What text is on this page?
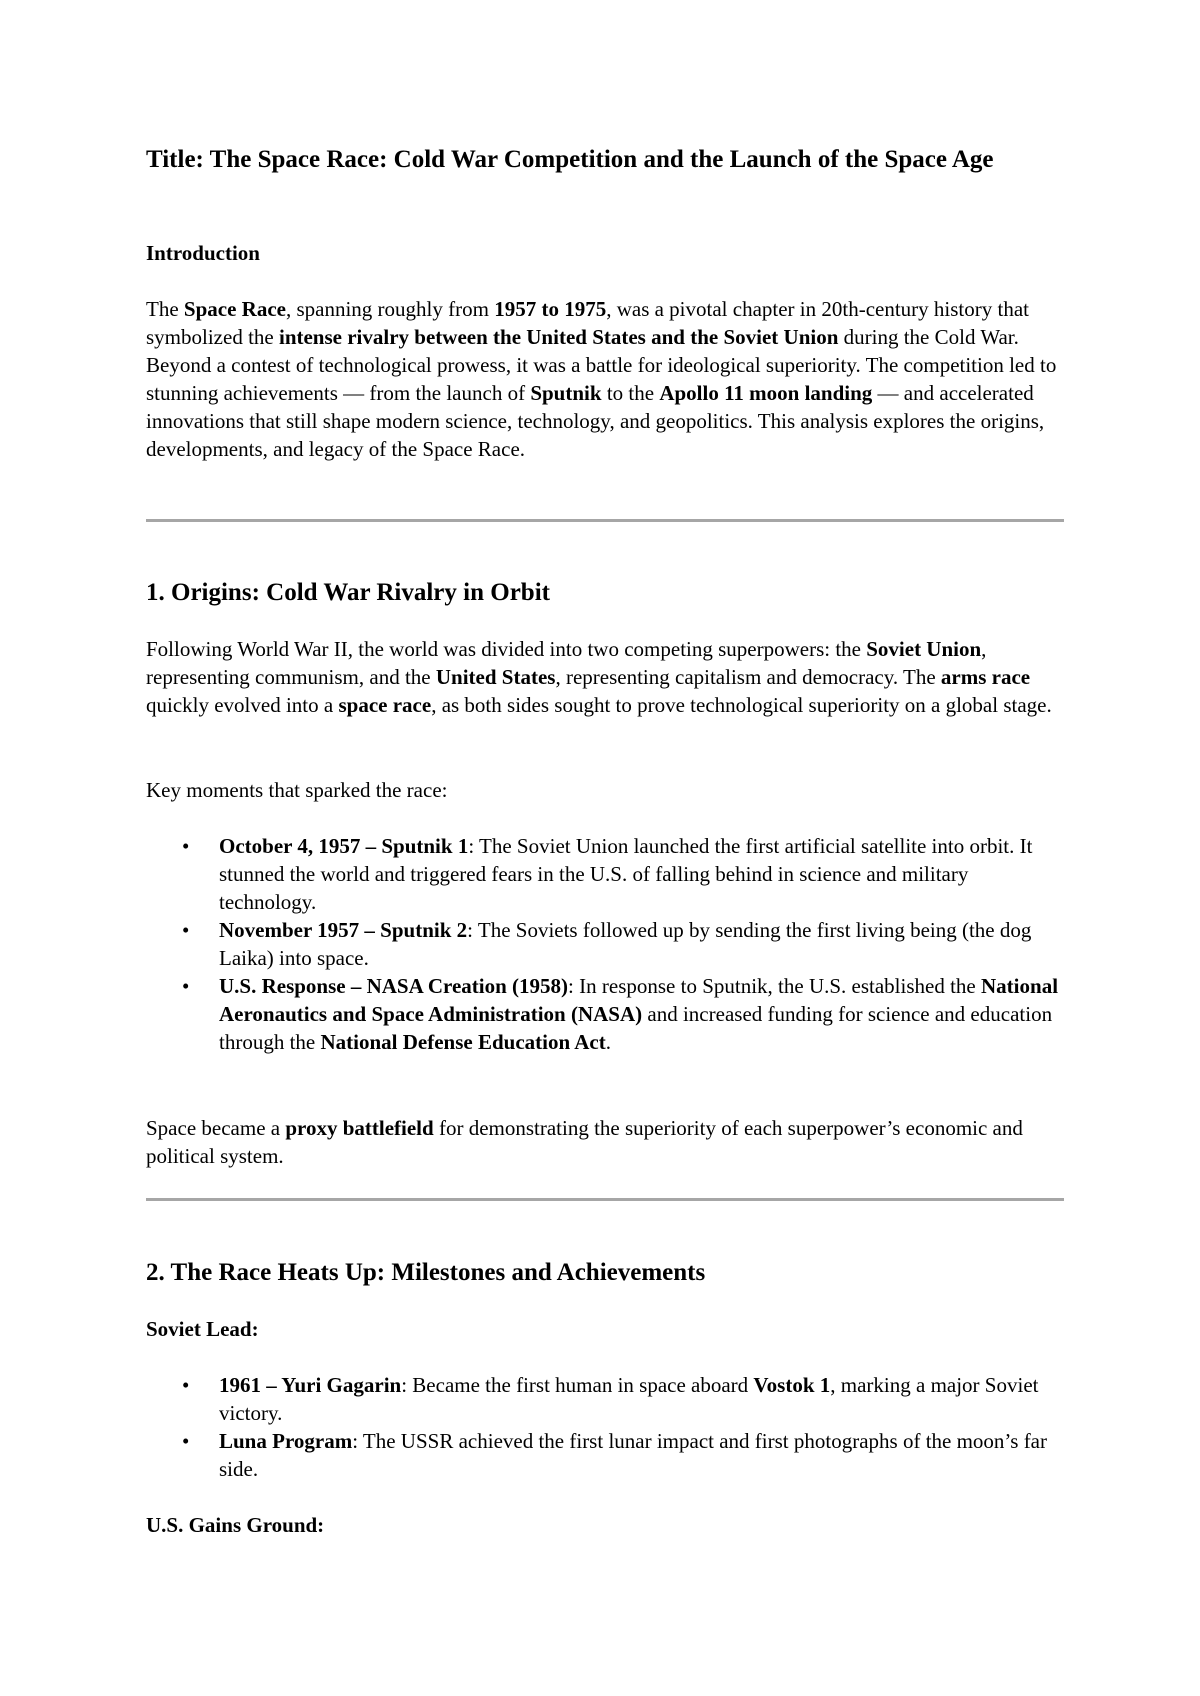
Title: The Space Race: Cold War Competition and the Launch of the Space Age
Introduction

The Space Race, spanning roughly from 1957 to 1975, was a pivotal chapter in 20th-century history that symbolized the intense rivalry between the United States and the Soviet Union during the Cold War. Beyond a contest of technological prowess, it was a battle for ideological superiority. The competition led to stunning achievements — from the launch of Sputnik to the Apollo 11 moon landing — and accelerated innovations that still shape modern science, technology, and geopolitics. This analysis explores the origins, developments, and legacy of the Space Race.

1. Origins: Cold War Rivalry in Orbit

Following World War II, the world was divided into two competing superpowers: the Soviet Union, representing communism, and the United States, representing capitalism and democracy. The arms race quickly evolved into a space race, as both sides sought to prove technological superiority on a global stage.

Key moments that sparked the race:

• October 4, 1957 – Sputnik 1: The Soviet Union launched the first artificial satellite into orbit. It stunned the world and triggered fears in the U.S. of falling behind in science and military technology.
• November 1957 – Sputnik 2: The Soviets followed up by sending the first living being (the dog Laika) into space.
• U.S. Response – NASA Creation (1958): In response to Sputnik, the U.S. established the National Aeronautics and Space Administration (NASA) and increased funding for science and education through the National Defense Education Act.

Space became a proxy battlefield for demonstrating the superiority of each superpower’s economic and political system.

2. The Race Heats Up: Milestones and Achievements
Soviet Lead:
• 1961 – Yuri Gagarin: Became the first human in space aboard Vostok 1, marking a major Soviet victory.
• Luna Program: The USSR achieved the first lunar impact and first photographs of the moon’s far side.
U.S. Gains Ground:
